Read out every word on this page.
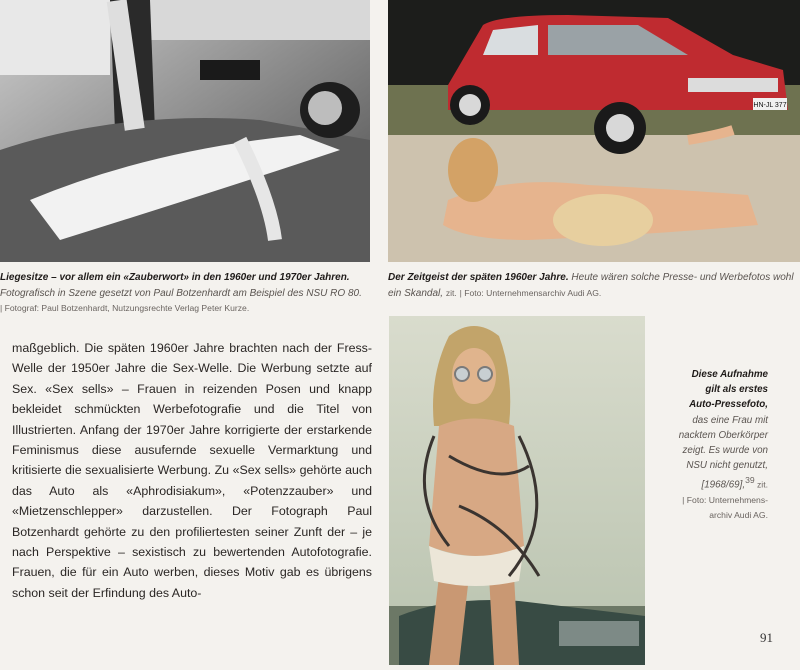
HN-JL 377
Liegesitze – vor allem ein «Zauberwort» in den 1960er und 1970er Jahren.
Fotografisch in Szene gesetzt von Paul Botzenhardt am Beispiel des NSU RO 80.
| Fotograf: Paul Botzenhardt, Nutzungsrechte Verlag Peter Kurze.
Der Zeitgeist der späten 1960er Jahre. Heute wären solche Presse- und Werbefotos wohl ein Skandal, zit. | Foto: Unternehmensarchiv Audi AG.
Diese Aufnahme
gilt als erstes
Auto-Pressefoto,
das eine Frau mit
nacktem Oberkörper
zeigt. Es wurde von
NSU nicht genutzt,
[1968/69],$^{39}$ zit.
| Foto: Unternehmens-
archiv Audi AG.

maßgeblich. Die späten 1960er Jahre brachten nach der Fress-Welle der 1950er Jahre die Sex-Welle. Die Werbung setzte auf Sex. «Sex sells» – Frauen in reizenden Posen und knapp bekleidet schmückten Werbefotografie und die Titel von Illustrierten. Anfang der 1970er Jahre korrigierte der erstarkende Feminismus diese ausufernde sexuelle Vermarktung und kritisierte die sexualisierte Werbung. Zu «Sex sells» gehörte auch das Auto als «Aphrodisiakum», «Potenzzauber» und «Mietzenschlepper» darzustellen. Der Fotograph Paul Botzenhardt gehörte zu den profiliertesten seiner Zunft der – je nach Perspektive – sexistisch zu bewertenden Autofotografie. Frauen, die für ein Auto werben, dieses Motiv gab es übrigens schon seit der Erfindung des Auto-

91
